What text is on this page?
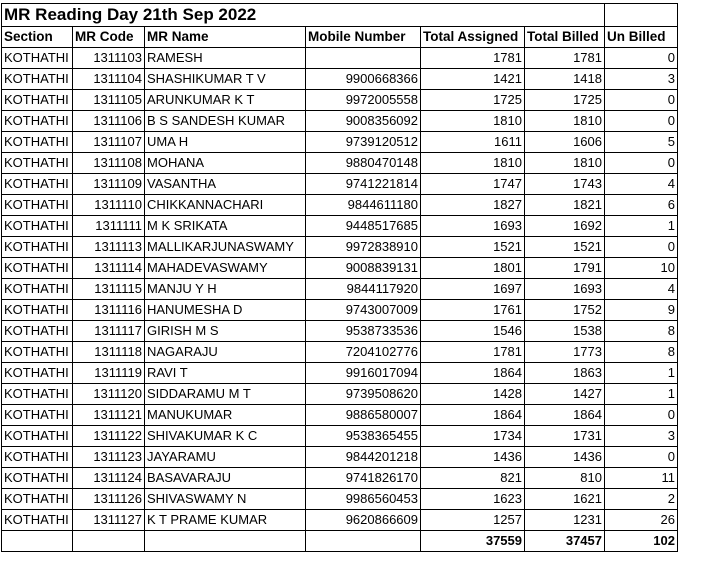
MR Reading Day 21th Sep 2022						
Section	MR Code	MR Name	Mobile Number	Total Assigned	Total Billed	Un Billed
KOTHATHI	1311103	RAMESH		1781	1781	0
KOTHATHI	1311104	SHASHIKUMAR T V	9900668366	1421	1418	3
KOTHATHI	1311105	ARUNKUMAR K T	9972005558	1725	1725	0
KOTHATHI	1311106	B S SANDESH KUMAR	9008356092	1810	1810	0
KOTHATHI	1311107	UMA H	9739120512	1611	1606	5
KOTHATHI	1311108	MOHANA	9880470148	1810	1810	0
KOTHATHI	1311109	VASANTHA	9741221814	1747	1743	4
KOTHATHI	1311110	CHIKKANNACHARI	9844611180	1827	1821	6
KOTHATHI	1311111	M K SRIKATA	9448517685	1693	1692	1
KOTHATHI	1311113	MALLIKARJUNASWAMY	9972838910	1521	1521	0
KOTHATHI	1311114	MAHADEVASWAMY	9008839131	1801	1791	10
KOTHATHI	1311115	MANJU Y H	9844117920	1697	1693	4
KOTHATHI	1311116	HANUMESHA D	9743007009	1761	1752	9
KOTHATHI	1311117	GIRISH M S	9538733536	1546	1538	8
KOTHATHI	1311118	NAGARAJU	7204102776	1781	1773	8
KOTHATHI	1311119	RAVI T	9916017094	1864	1863	1
KOTHATHI	1311120	SIDDARAMU M T	9739508620	1428	1427	1
KOTHATHI	1311121	MANUKUMAR	9886580007	1864	1864	0
KOTHATHI	1311122	SHIVAKUMAR K C	9538365455	1734	1731	3
KOTHATHI	1311123	JAYARAMU	9844201218	1436	1436	0
KOTHATHI	1311124	BASAVARAJU	9741826170	821	810	11
KOTHATHI	1311126	SHIVASWAMY N	9986560453	1623	1621	2
KOTHATHI	1311127	K T PRAME KUMAR	9620866609	1257	1231	26
				37559	37457	102
